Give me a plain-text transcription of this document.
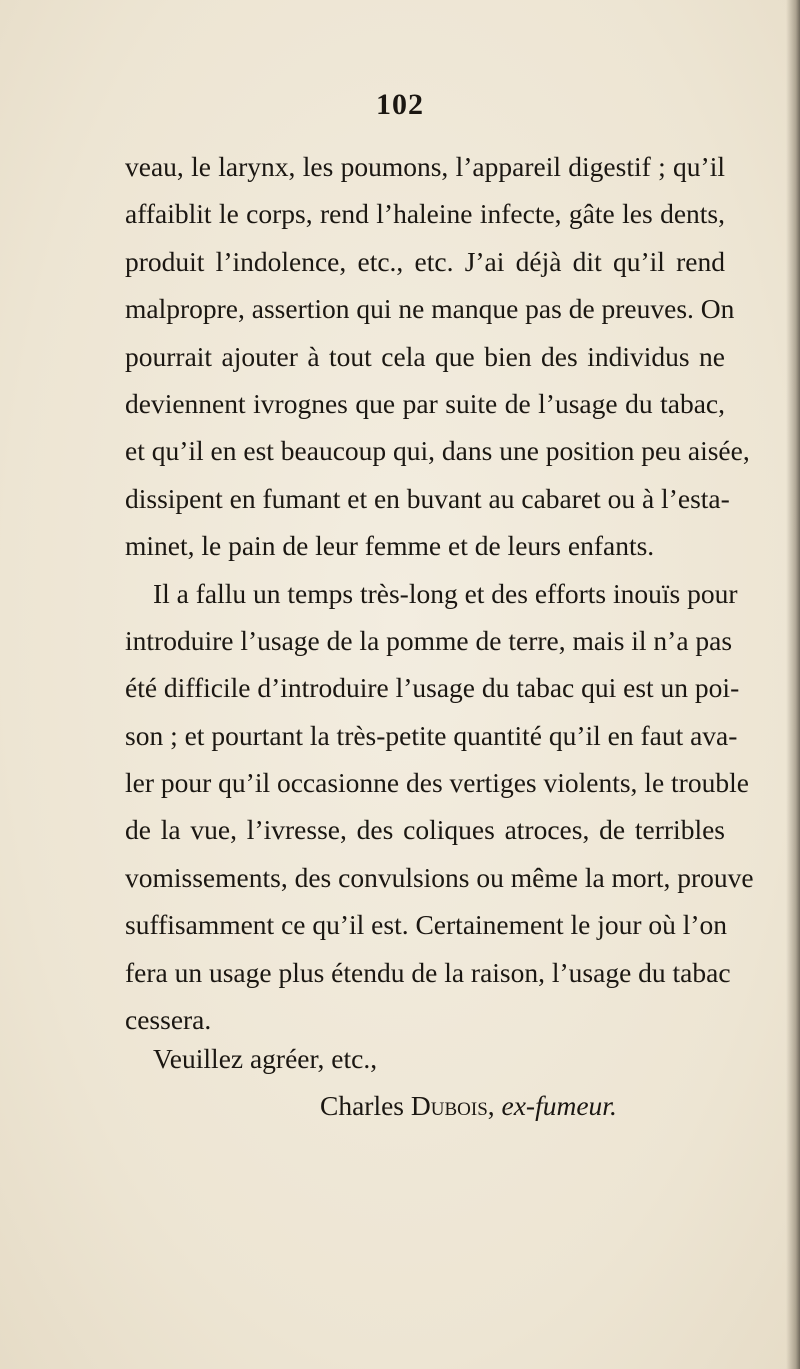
102
veau, le larynx, les poumons, l’appareil digestif ; qu’il
affaiblit le corps, rend l’haleine infecte, gâte les dents,
produit l’indolence, etc., etc. J’ai déjà dit qu’il rend
malpropre, assertion qui ne manque pas de preuves. On
pourrait ajouter à tout cela que bien des individus ne
deviennent ivrognes que par suite de l’usage du tabac,
et qu’il en est beaucoup qui, dans une position peu aisée,
dissipent en fumant et en buvant au cabaret ou à l’esta-
minet, le pain de leur femme et de leurs enfants.
Il a fallu un temps très-long et des efforts inouïs pour
introduire l’usage de la pomme de terre, mais il n’a pas
été difficile d’introduire l’usage du tabac qui est un poi-
son ; et pourtant la très-petite quantité qu’il en faut ava-
ler pour qu’il occasionne des vertiges violents, le trouble
de la vue, l’ivresse, des coliques atroces, de terribles
vomissements, des convulsions ou même la mort, prouve
suffisamment ce qu’il est. Certainement le jour où l’on
fera un usage plus étendu de la raison, l’usage du tabac
cessera.
Veuillez agréer, etc.,
Charles Dubois, ex-fumeur.
